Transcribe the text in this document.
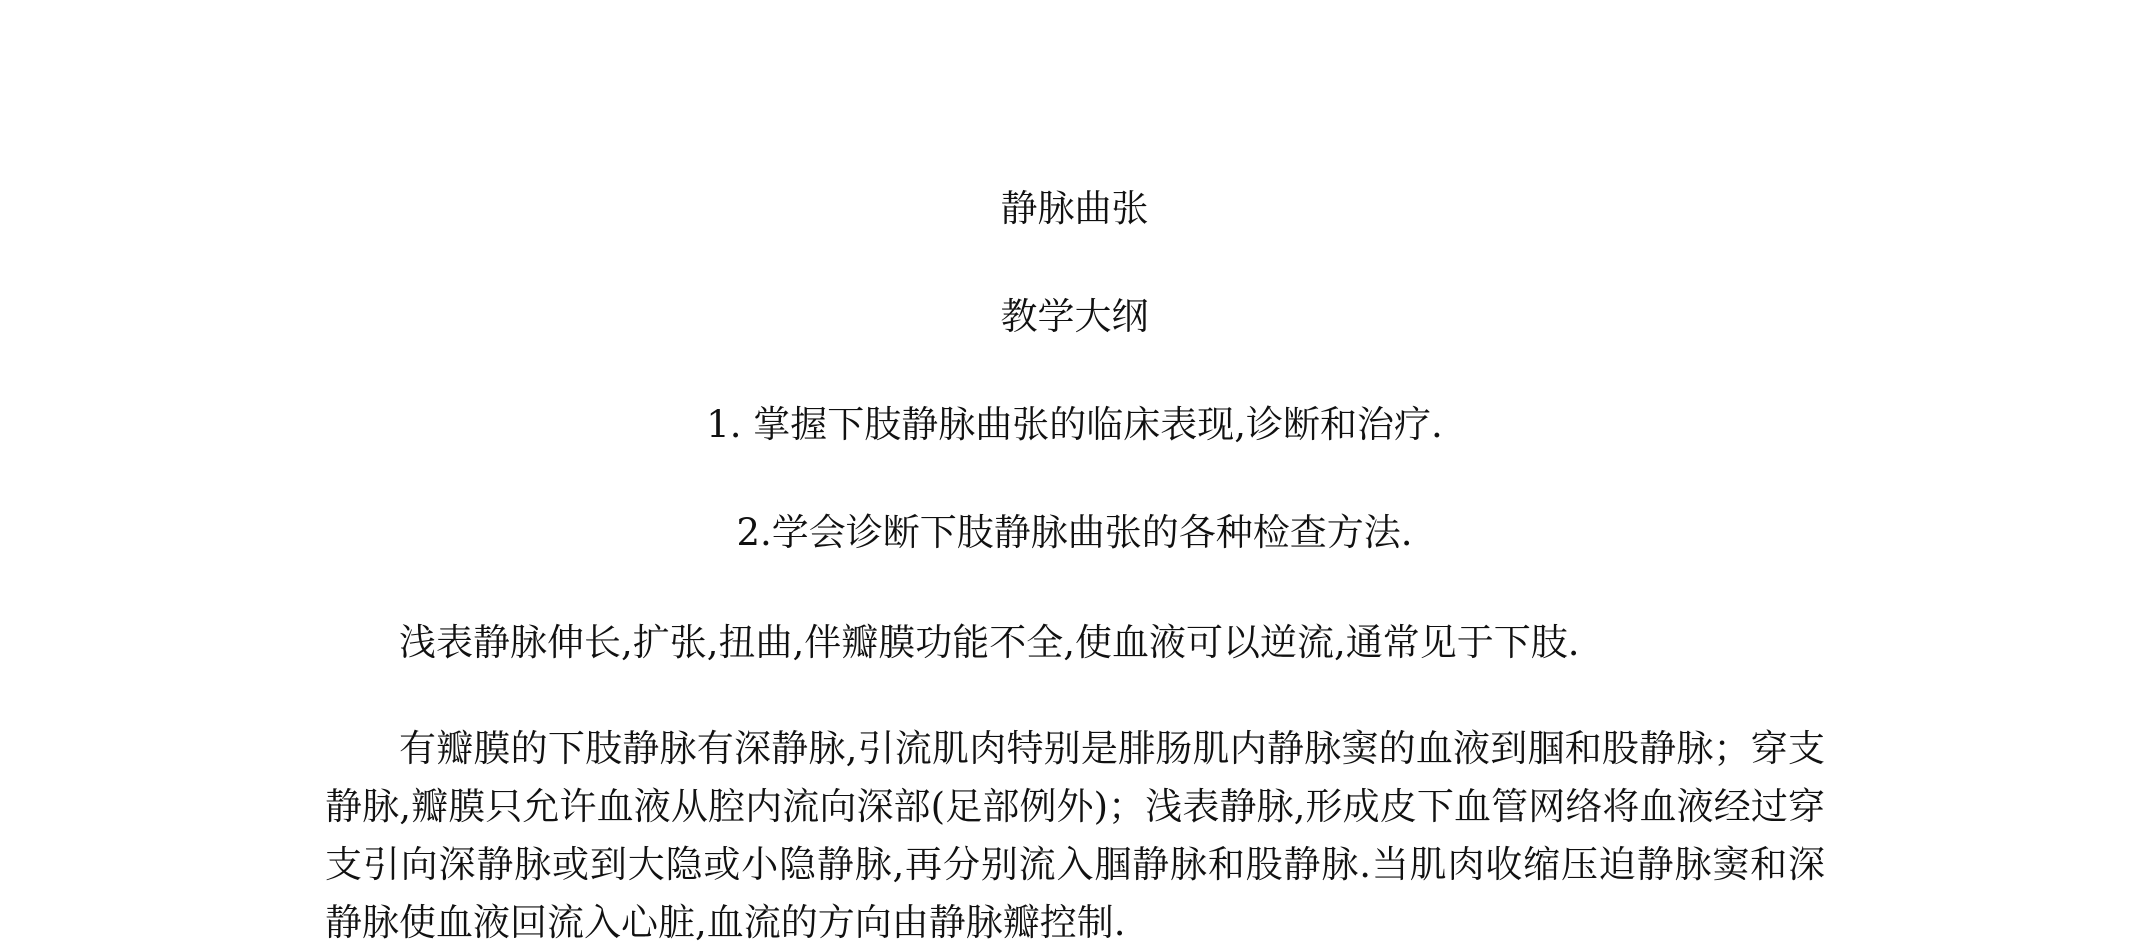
静脉曲张
教学大纲
1. 掌握下肢静脉曲张的临床表现,诊断和治疗.
2.学会诊断下肢静脉曲张的各种检查方法.

浅表静脉伸长,扩张,扭曲,伴瓣膜功能不全,使血液可以逆流,通常见于下肢.

有瓣膜的下肢静脉有深静脉,引流肌肉特别是腓肠肌内静脉窦的血液到腘和股静脉；穿支静脉,瓣膜只允许血液从腔内流向深部(足部例外)；浅表静脉,形成皮下血管网络将血液经过穿支引向深静脉或到大隐或小隐静脉,再分别流入腘静脉和股静脉.当肌肉收缩压迫静脉窦和深静脉使血液回流入心脏,血流的方向由静脉瓣控制.
